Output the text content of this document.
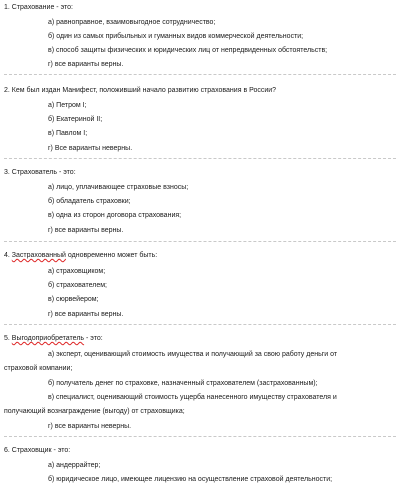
1. Страхование - это:
а) равноправное, взаимовыгодное сотрудничество;
б) один из самых прибыльных и гуманных видов коммерческой деятельности;
в) способ защиты физических и юридических лиц от непредвиденных обстоятельств;
г) все варианты верны.
2. Кем был издан Манифест, положивший начало развитию страхования в России?
а) Петром I;
б) Екатериной II;
в) Павлом I;
г) Все варианты неверны.
3. Страхователь - это:
а) лицо, уплачивающее страховые взносы;
б) обладатель страховки;
в) одна из сторон договора страхования;
г) все варианты верны.
4. Застрахованный одновременно может быть:
а) страховщиком;
б) страхователем;
в) сюрвейером;
г) все варианты верны.
5. Выгодоприобретатель - это:
а) эксперт, оценивающий стоимость имущества и получающий за свою работу деньги от
страховой компании;
б) получатель денег по страховке, назначенный страхователем (застрахованным);
в) специалист, оценивающий стоимость ущерба нанесенного имуществу страхователя и
получающий вознаграждение (выгоду) от страховщика;
г) все варианты неверны.
6. Страховщик - это:
а) андеррайтер;
б) юридическое лицо, имеющее лицензию на осуществление страховой деятельности;
